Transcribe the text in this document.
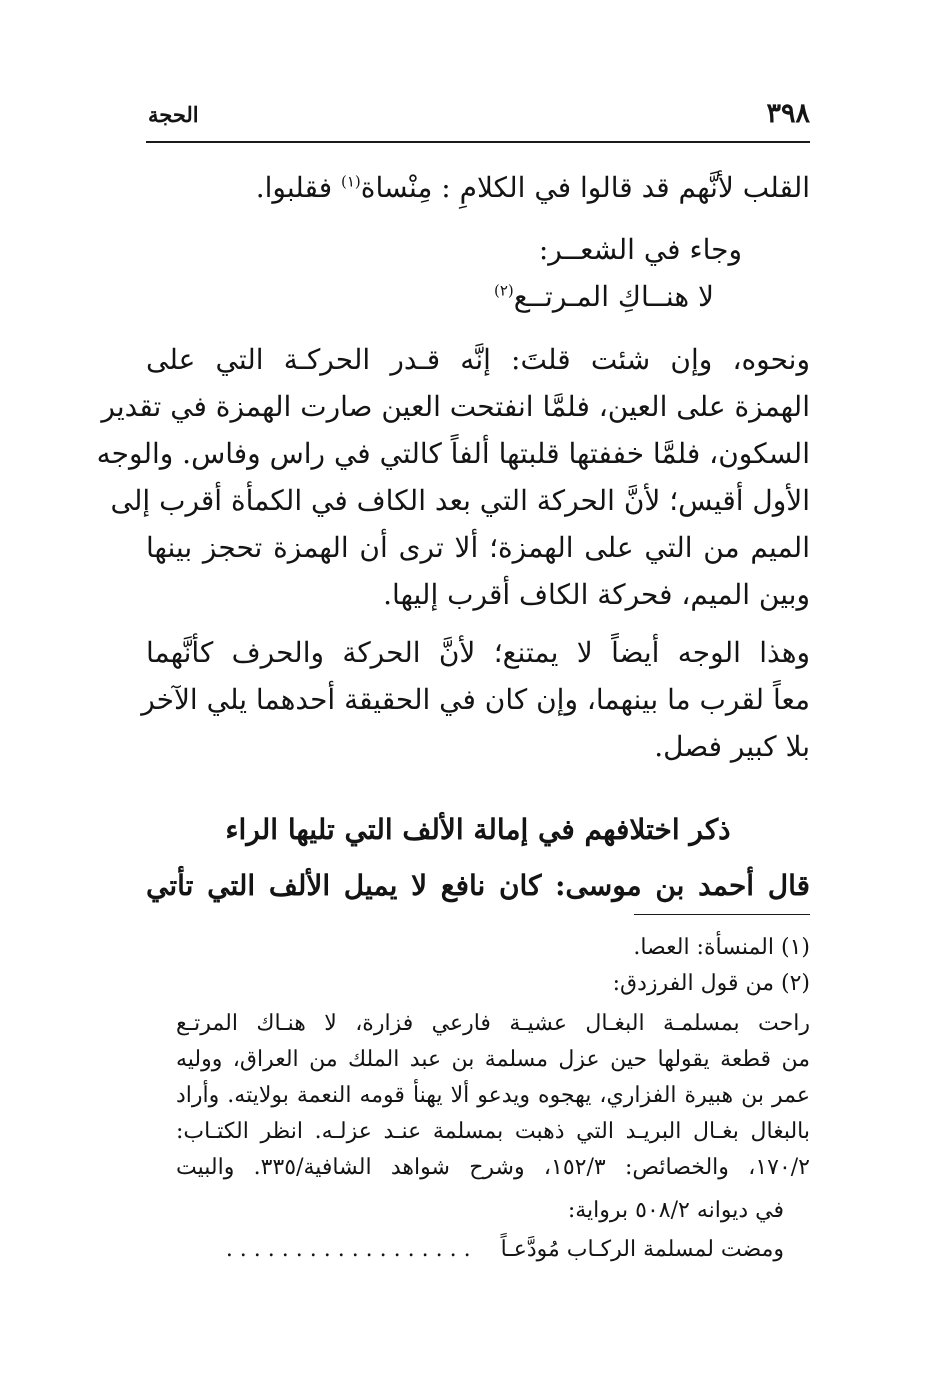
٣٩٨
الحجة
القلب لأنَّهم قد قالوا في الكلامِ : مِنْساة$^{(١)}$ فقلبوا.
وجاء في الشعــر:
لا هنــاكِ المـرتــع$^{(٢)}$
ونحوه، وإن شئت قلتَ: إنَّه قـدر الحركـة التي على
الهمزة على العين، فلمَّا انفتحت العين صارت الهمزة في تقدير
السكون، فلمَّا خففتها قلبتها ألفاً كالتي في راس وفاس. والوجه
الأول أقيس؛ لأنَّ الحركة التي بعد الكاف في الكمأة أقرب إلى
الميم من التي على الهمزة؛ ألا ترى أن الهمزة تحجز بينها
وبين الميم، فحركة الكاف أقرب إليها.
وهذا الوجه أيضاً لا يمتنع؛ لأنَّ الحركة والحرف كأنَّهما
معاً لقرب ما بينهما، وإن كان في الحقيقة أحدهما يلي الآخر
بلا كبير فصل.
ذكر اختلافهم في إمالة الألف التي تليها الراء
قال أحمد بن موسى: كان نافع لا يميل الألف التي تأتي
(١) المنسأة: العصا.
(٢) من قول الفرزدق:
راحت بمسلمـة البغـال عشيـة فارعي فزارة، لا هنـاك المرتـع
من قطعة يقولها حين عزل مسلمة بن عبد الملك من العراق، ووليه
عمر بن هبيرة الفزاري، يهجوه ويدعو ألا يهنأ قومه النعمة بولايته. وأراد
بالبغال بغـال البريـد التي ذهبت بمسلمة عنـد عزلـه. انظر الكتـاب:
١٧٠/٢، والخصائص: ١٥٢/٣، وشرح شواهد الشافية/٣٣٥. والبيت
في ديوانه ٥٠٨/٢ برواية:
ومضت لمسلمة الركـاب مُودَّعـاً. . . . . . . . . . . . . . . . . .
